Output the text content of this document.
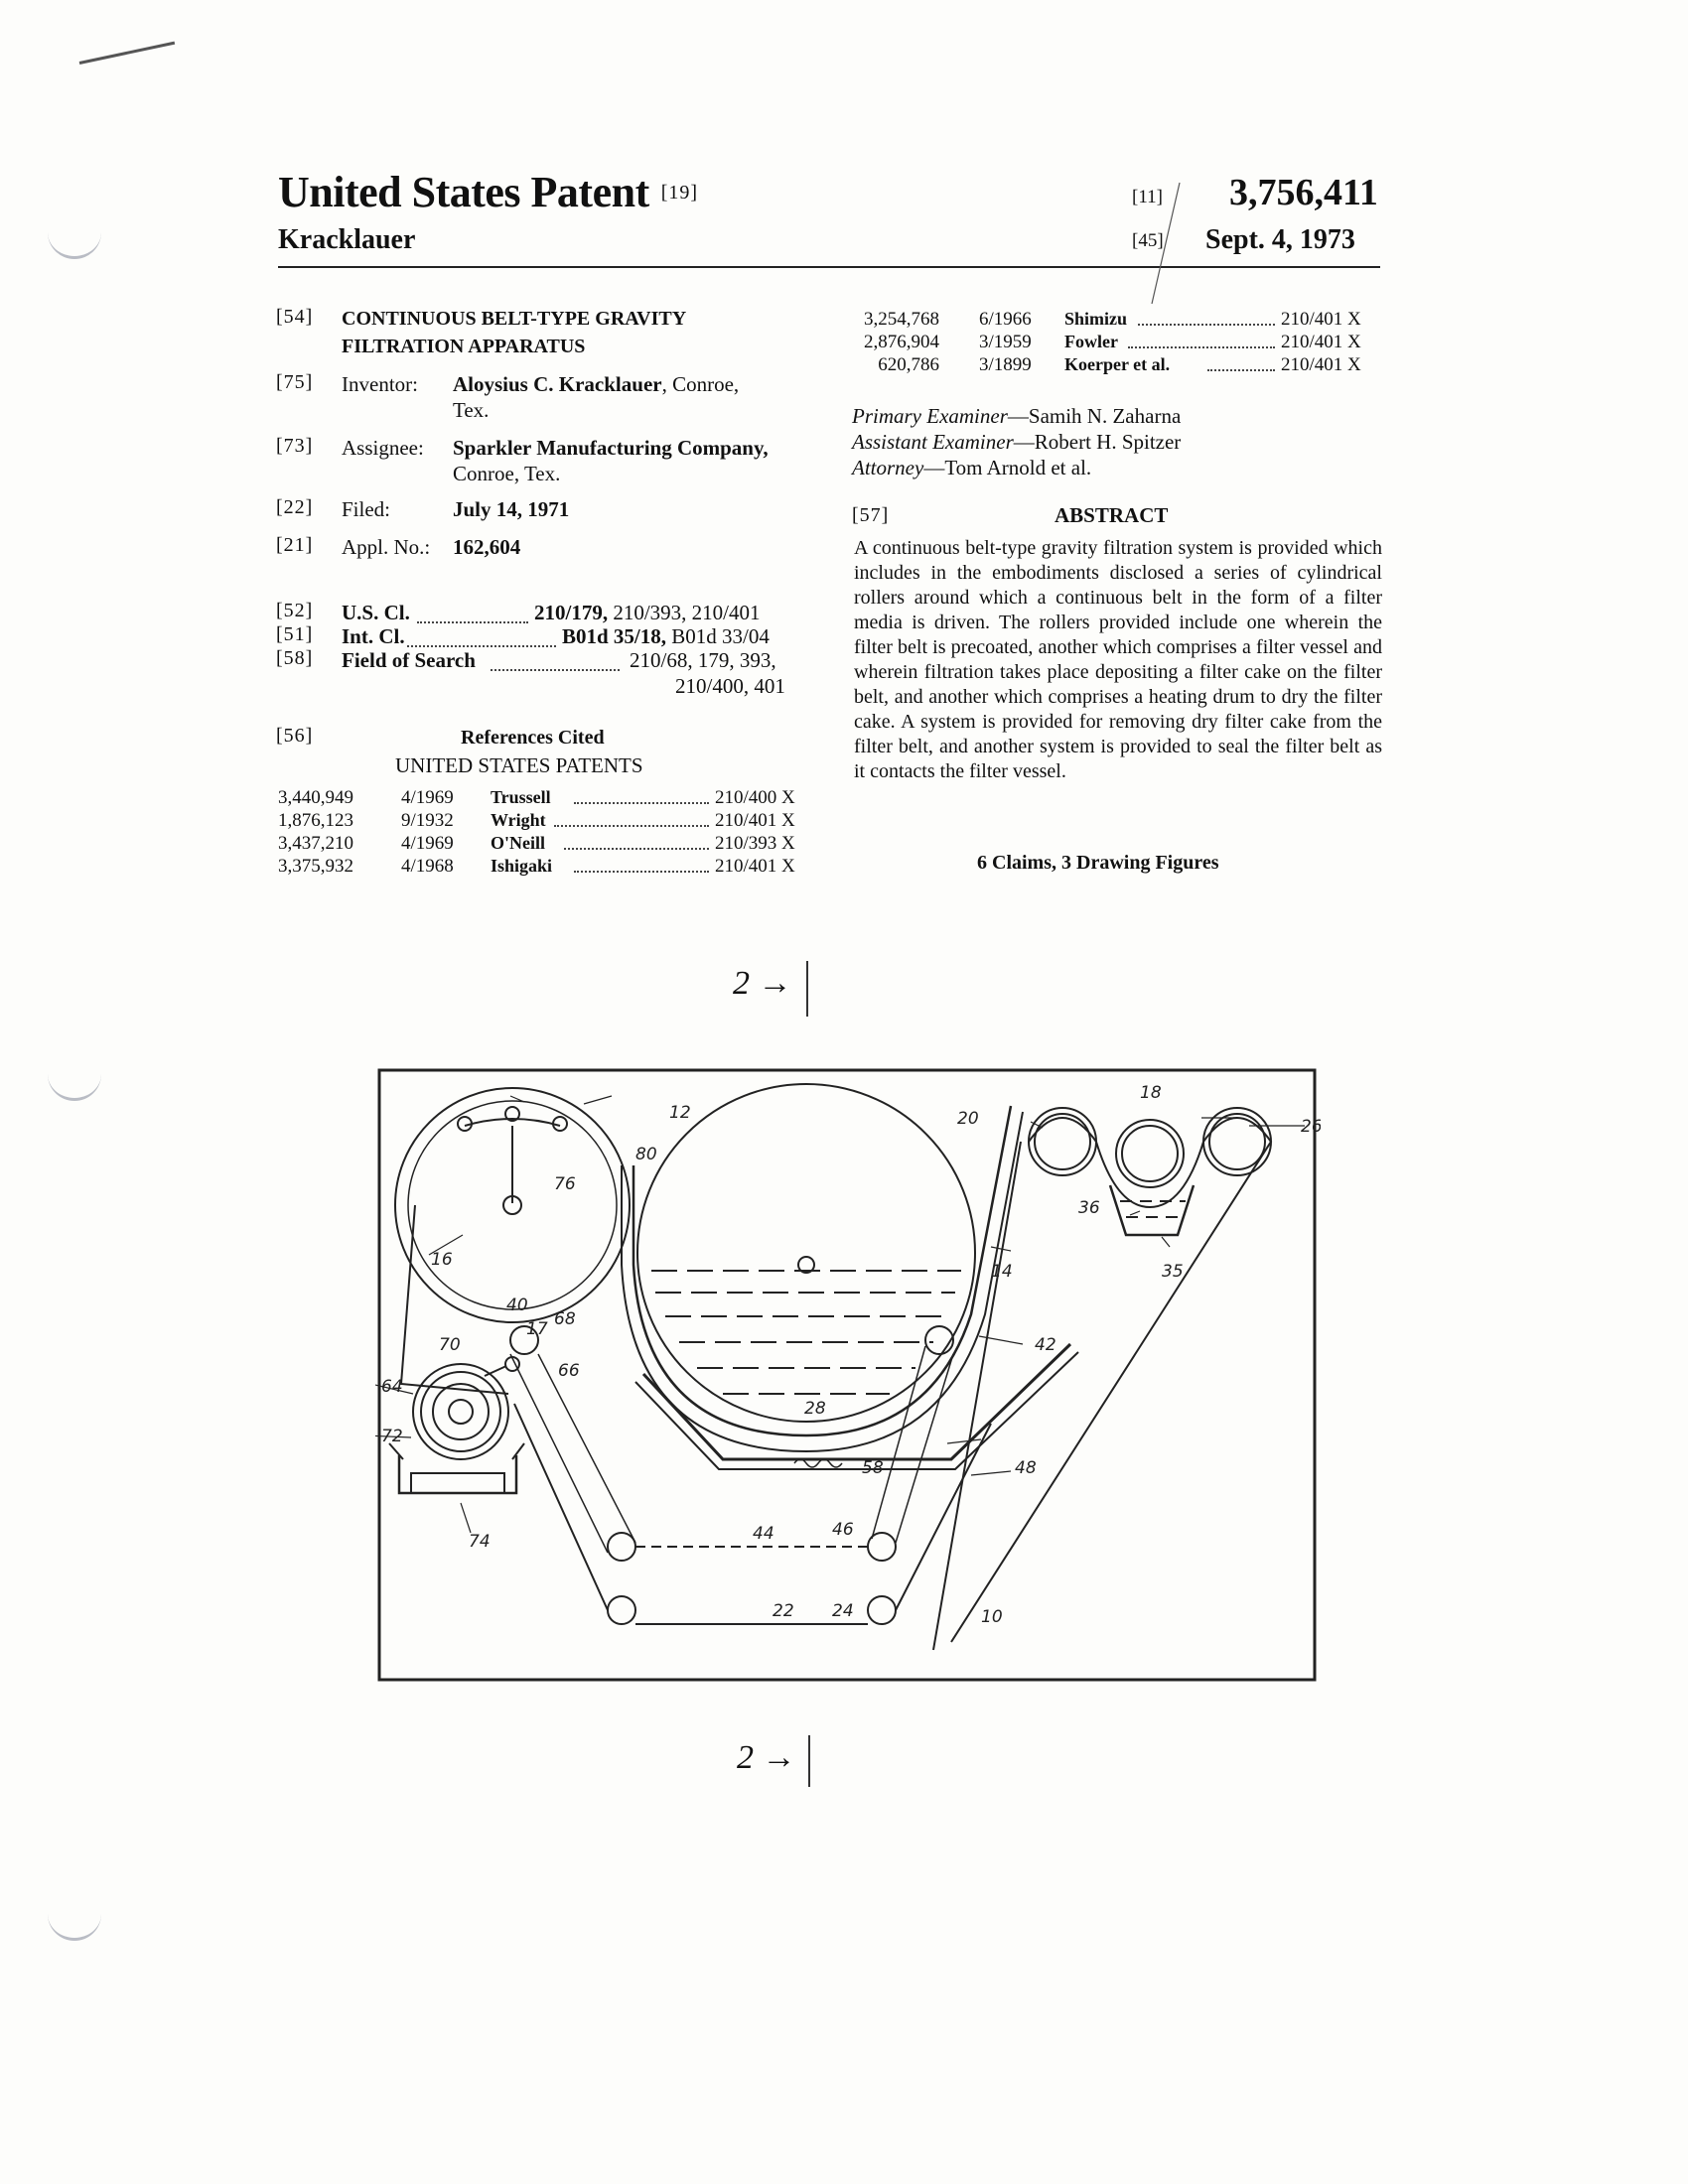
United States Patent [19]
Kracklauer
[11] 3,756,411
[45] Sept. 4, 1973
[54] CONTINUOUS BELT-TYPE GRAVITY
FILTRATION APPARATUS
[75] Inventor: Aloysius C. Kracklauer, Conroe,
Tex.
[73] Assignee: Sparkler Manufacturing Company,
Conroe, Tex.
[22] Filed:	July 14, 1971
[21] Appl. No.: 162,604
[52] U.S. Cl.	210/179, 210/393, 210/401
[51] Int. Cl.	B01d 35/18, B01d 33/04
[58] Field of Search	210/68, 179, 393,
210/400, 401
[56]	References Cited
UNITED STATES PATENTS
3,440,949	4/1969 Trussell	210/400 X
1,876,123	9/1932 Wright	210/401 X
3,437,210	4/1969 O'Neill	210/393 X
3,375,932	4/1968 Ishigaki	210/401 X
3,254,768 6/1966 Shimizu	210/401 X
2,876,904 3/1959 Fowler	210/401 X
620,786 3/1899 Koerper et al.	210/401 X
Primary Examiner—Samih N. Zaharna
Assistant Examiner—Robert H. Spitzer
Attorney—Tom Arnold et al.
[57]	ABSTRACT
A continuous belt-type gravity filtration system is provided which includes in the embodiments disclosed a series of cylindrical rollers around which a continuous belt in the form of a filter media is driven. The rollers provided include one wherein the filter belt is precoated, another which comprises a filter vessel and wherein filtration takes place depositing a filter cake on the filter belt, and another which comprises a heating drum to dry the filter cake. A system is provided for removing dry filter cake from the filter belt, and another system is provided to seal the filter belt as it contacts the filter vessel.
6 Claims, 3 Drawing Figures
2 →
2 →
12
80
20
18
26
76
16
36
35
14
40
42
68
17
70
66
64
72
28
58	48
44	46
74
22 24	10
